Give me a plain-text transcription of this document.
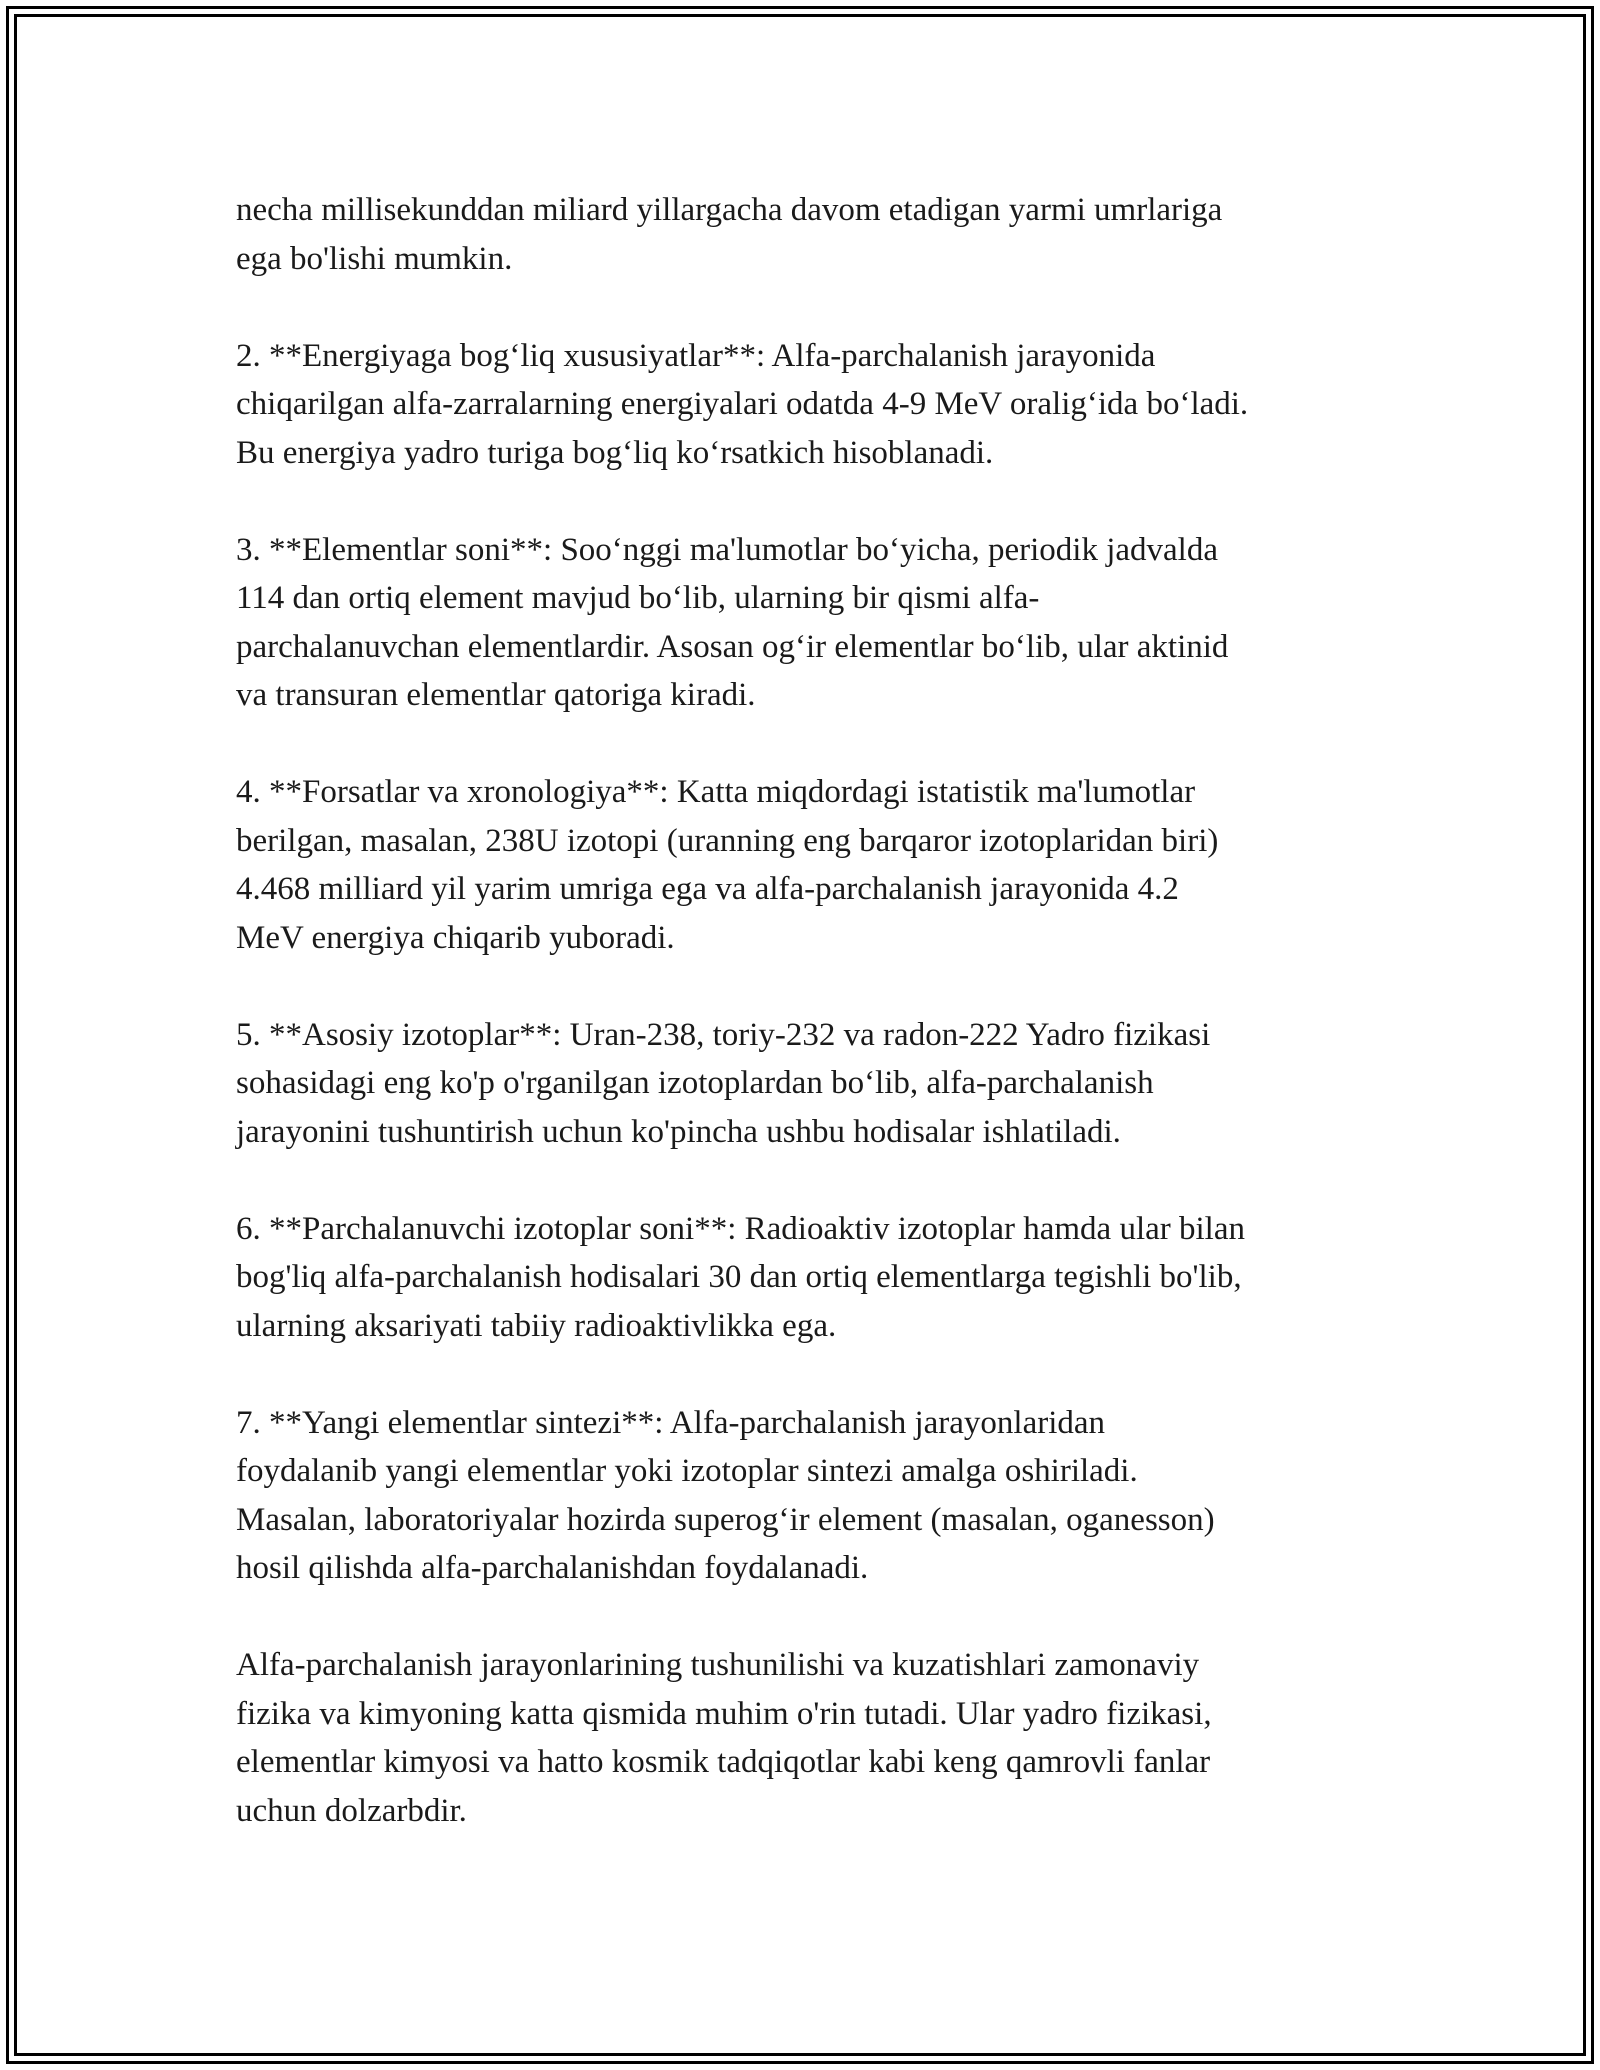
necha millisekunddan miliard yillargacha davom etadigan yarmi umrlariga
ega bo'lishi mumkin.

2. **Energiyaga bog‘liq xususiyatlar**: Alfa-parchalanish jarayonida
chiqarilgan alfa-zarralarning energiyalari odatda 4-9 MeV oralig‘ida bo‘ladi.
Bu energiya yadro turiga bog‘liq ko‘rsatkich hisoblanadi.

3. **Elementlar soni**: Soo‘nggi ma'lumotlar bo‘yicha, periodik jadvalda
114 dan ortiq element mavjud bo‘lib, ularning bir qismi alfa-
parchalanuvchan elementlardir. Asosan og‘ir elementlar bo‘lib, ular aktinid
va transuran elementlar qatoriga kiradi.

4. **Forsatlar va xronologiya**: Katta miqdordagi istatistik ma'lumotlar
berilgan, masalan, 238U izotopi (uranning eng barqaror izotoplaridan biri)
4.468 milliard yil yarim umriga ega va alfa-parchalanish jarayonida 4.2
MeV energiya chiqarib yuboradi.

5. **Asosiy izotoplar**: Uran-238, toriy-232 va radon-222 Yadro fizikasi
sohasidagi eng ko'p o'rganilgan izotoplardan bo‘lib, alfa-parchalanish
jarayonini tushuntirish uchun ko'pincha ushbu hodisalar ishlatiladi.

6. **Parchalanuvchi izotoplar soni**: Radioaktiv izotoplar hamda ular bilan
bog'liq alfa-parchalanish hodisalari 30 dan ortiq elementlarga tegishli bo'lib,
ularning aksariyati tabiiy radioaktivlikka ega.

7. **Yangi elementlar sintezi**: Alfa-parchalanish jarayonlaridan
foydalanib yangi elementlar yoki izotoplar sintezi amalga oshiriladi.
Masalan, laboratoriyalar hozirda superog‘ir element (masalan, oganesson)
hosil qilishda alfa-parchalanishdan foydalanadi.

Alfa-parchalanish jarayonlarining tushunilishi va kuzatishlari zamonaviy
fizika va kimyoning katta qismida muhim o'rin tutadi. Ular yadro fizikasi,
elementlar kimyosi va hatto kosmik tadqiqotlar kabi keng qamrovli fanlar
uchun dolzarbdir.
